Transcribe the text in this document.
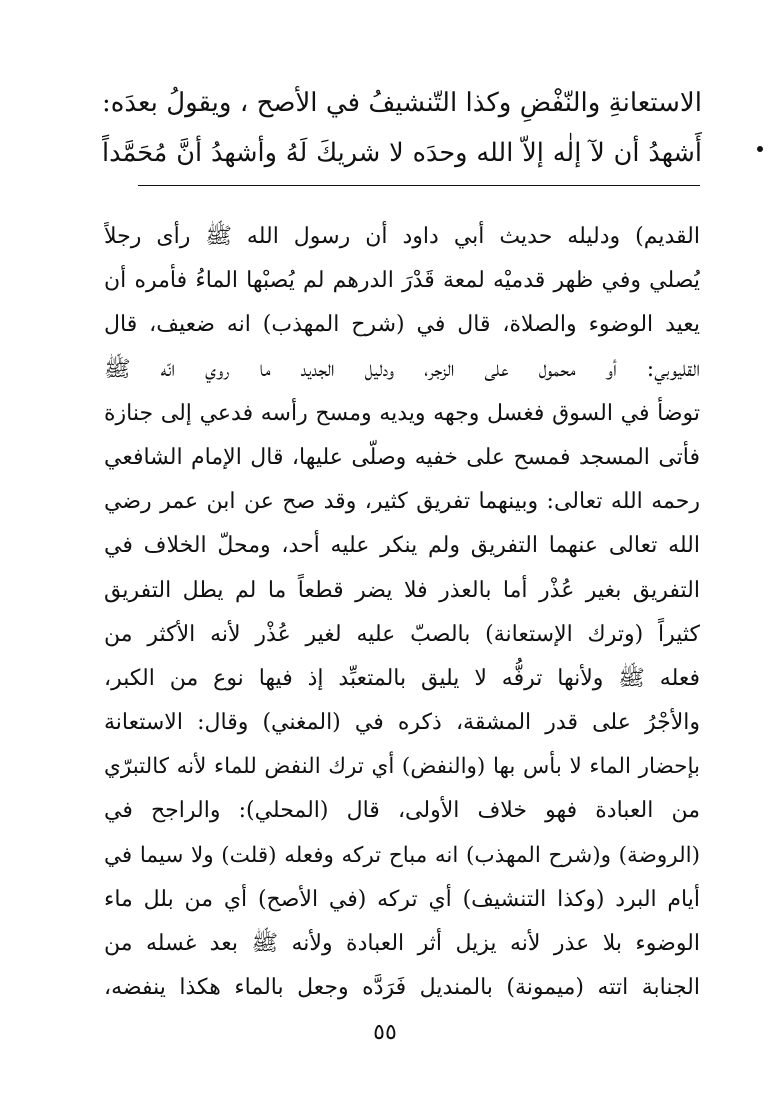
الاستعانةِ والنّفْضِ وكذا التّنشيفُ في الأصح ، ويقولُ بعدَه:
أَشهدُ أن لآ إلٰه إلاّ الله وحدَه لا شريكَ لَهُ وأشهدُ أنَّ مُحَمَّداً
القديم) ودليله حديث أبي داود أن رسول الله ﷺ رأى رجلاً
يُصلي وفي ظهر قدميْه لمعة قَدْرَ الدرهم لم يُصبْها الماءُ فأمره أن
يعيد الوضوء والصلاة، قال في (شرح المهذب) انه ضعيف، قال
القليوبي: أو محمول على الزجر، ودليل الجديد ما روي انّه ﷺ
توضأ في السوق فغسل وجهه ويديه ومسح رأسه فدعي إلى جنازة
فأتى المسجد فمسح على خفيه وصلّى عليها، قال الإمام الشافعي
رحمه الله تعالى: وبينهما تفريق كثير، وقد صح عن ابن عمر رضي
الله تعالى عنهما التفريق ولم ينكر عليه أحد، ومحلّ الخلاف في
التفريق بغير عُذْر أما بالعذر فلا يضر قطعاً ما لم يطل التفريق
كثيراً (وترك الإستعانة) بالصبّ عليه لغير عُذْر لأنه الأكثر من
فعله ﷺ ولأنها ترفُّه لا يليق بالمتعبِّد إذ فيها نوع من الكبر،
والأجْرُ على قدر المشقة، ذكره في (المغني) وقال: الاستعانة
بإحضار الماء لا بأس بها (والنفض) أي ترك النفض للماء لأنه كالتبرّي
من العبادة فهو خلاف الأولى، قال (المحلي): والراجح في
(الروضة) و(شرح المهذب) انه مباح تركه وفعله (قلت) ولا سيما في
أيام البرد (وكذا التنشيف) أي تركه (في الأصح) أي من بلل ماء
الوضوء بلا عذر لأنه يزيل أثر العبادة ولأنه ﷺ بعد غسله من
الجنابة اتته (ميمونة) بالمنديل فَرَدَّه وجعل بالماء هكذا ينفضه،
٥٥
